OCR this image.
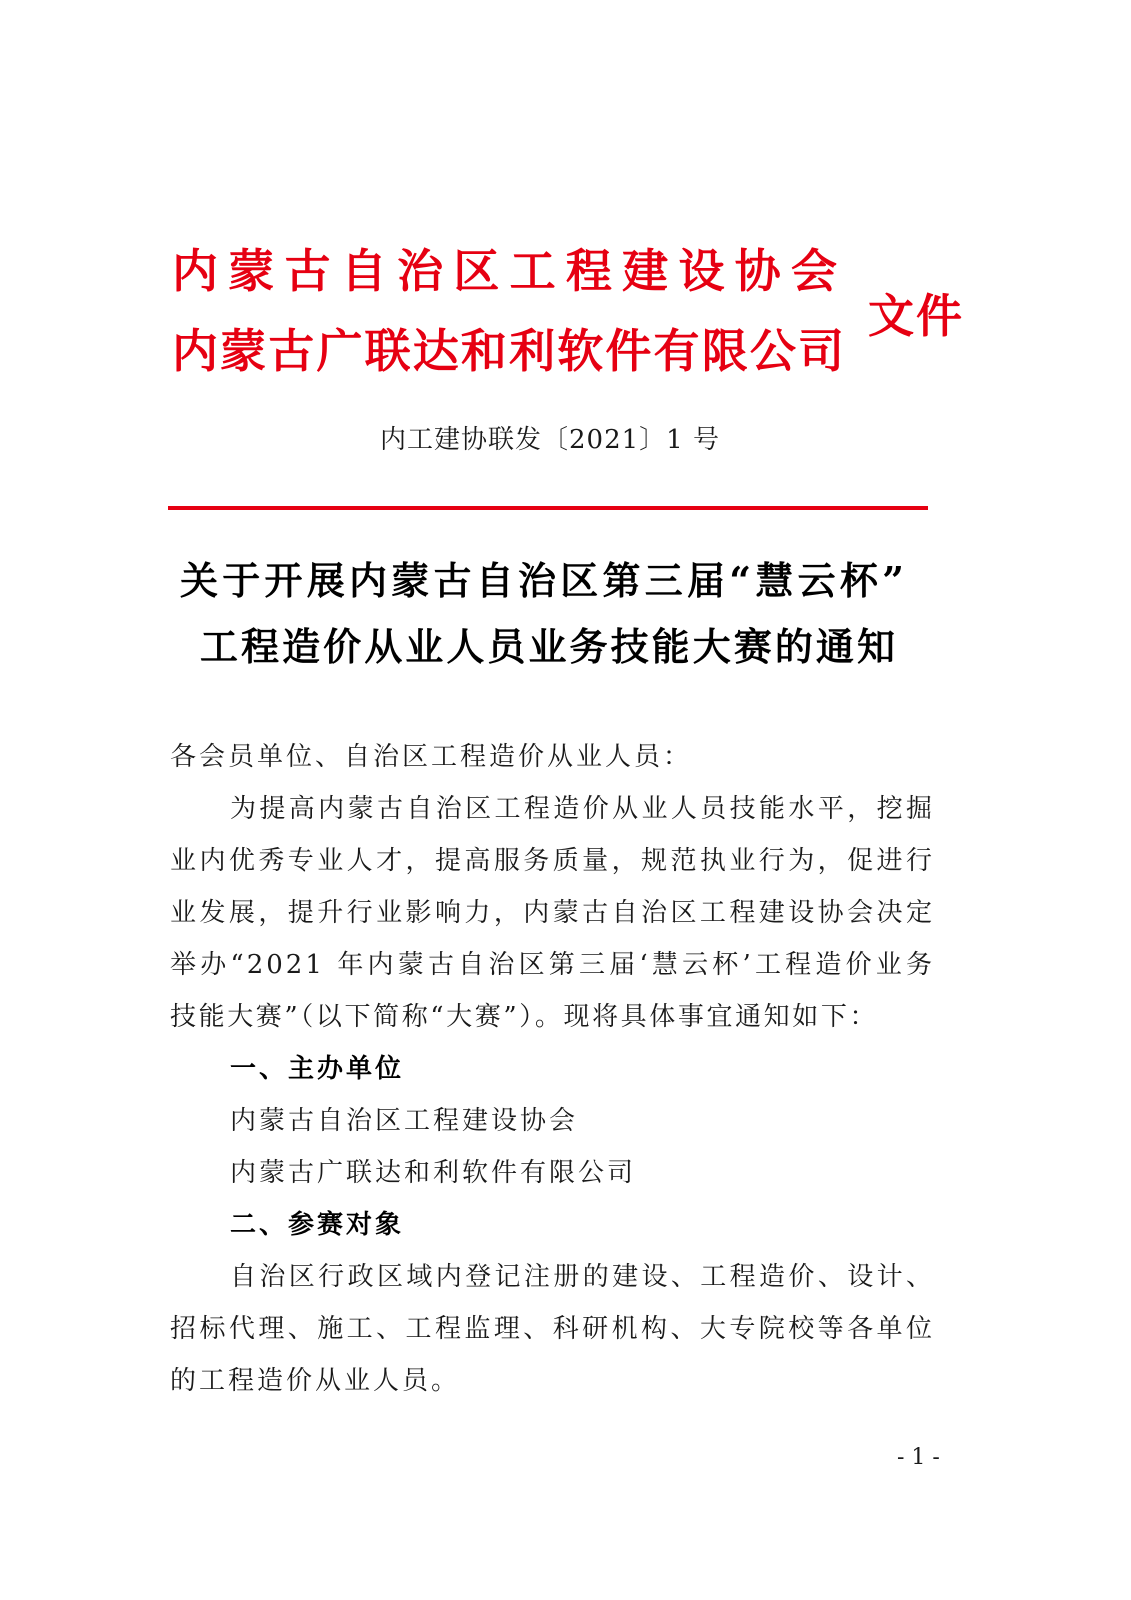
内蒙古自治区工程建设协会
内蒙古广联达和利软件有限公司
文件
内工建协联发〔2021〕1 号
关于开展内蒙古自治区第三届“慧云杯”
工程造价从业人员业务技能大赛的通知
各会员单位、自治区工程造价从业人员：
为提高内蒙古自治区工程造价从业人员技能水平，挖掘
业内优秀专业人才，提高服务质量，规范执业行为，促进行
业发展，提升行业影响力，内蒙古自治区工程建设协会决定
举办“2021 年内蒙古自治区第三届‘慧云杯’工程造价业务
技能大赛”（以下简称“大赛”）。现将具体事宜通知如下：
一、主办单位
内蒙古自治区工程建设协会
内蒙古广联达和利软件有限公司
二、参赛对象
自治区行政区域内登记注册的建设、工程造价、设计、
招标代理、施工、工程监理、科研机构、大专院校等各单位
的工程造价从业人员。
- 1 -
